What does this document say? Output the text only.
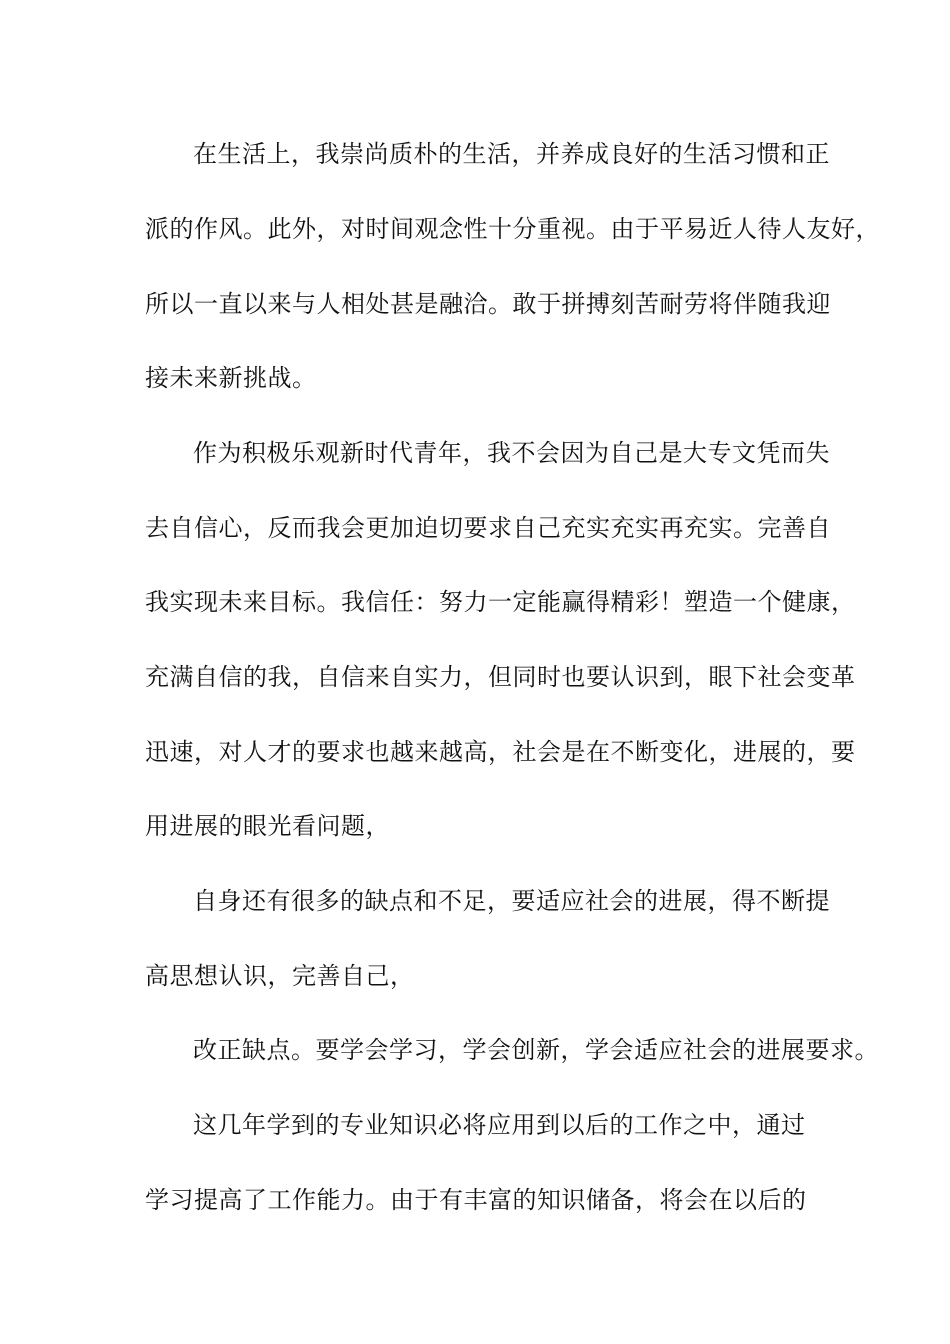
在生活上，我崇尚质朴的生活，并养成良好的生活习惯和正
派的作风。此外，对时间观念性十分重视。由于平易近人待人友好，
所以一直以来与人相处甚是融洽。敢于拼搏刻苦耐劳将伴随我迎
接未来新挑战。
作为积极乐观新时代青年，我不会因为自己是大专文凭而失
去自信心，反而我会更加迫切要求自己充实充实再充实。完善自
我实现未来目标。我信任：努力一定能赢得精彩！塑造一个健康，
充满自信的我，自信来自实力，但同时也要认识到，眼下社会变革
迅速，对人才的要求也越来越高，社会是在不断变化，进展的，要
用进展的眼光看问题，
自身还有很多的缺点和不足，要适应社会的进展，得不断提
高思想认识，完善自己，
改正缺点。要学会学习，学会创新，学会适应社会的进展要求。
这几年学到的专业知识必将应用到以后的工作之中，通过
学习提高了工作能力。由于有丰富的知识储备，将会在以后的
